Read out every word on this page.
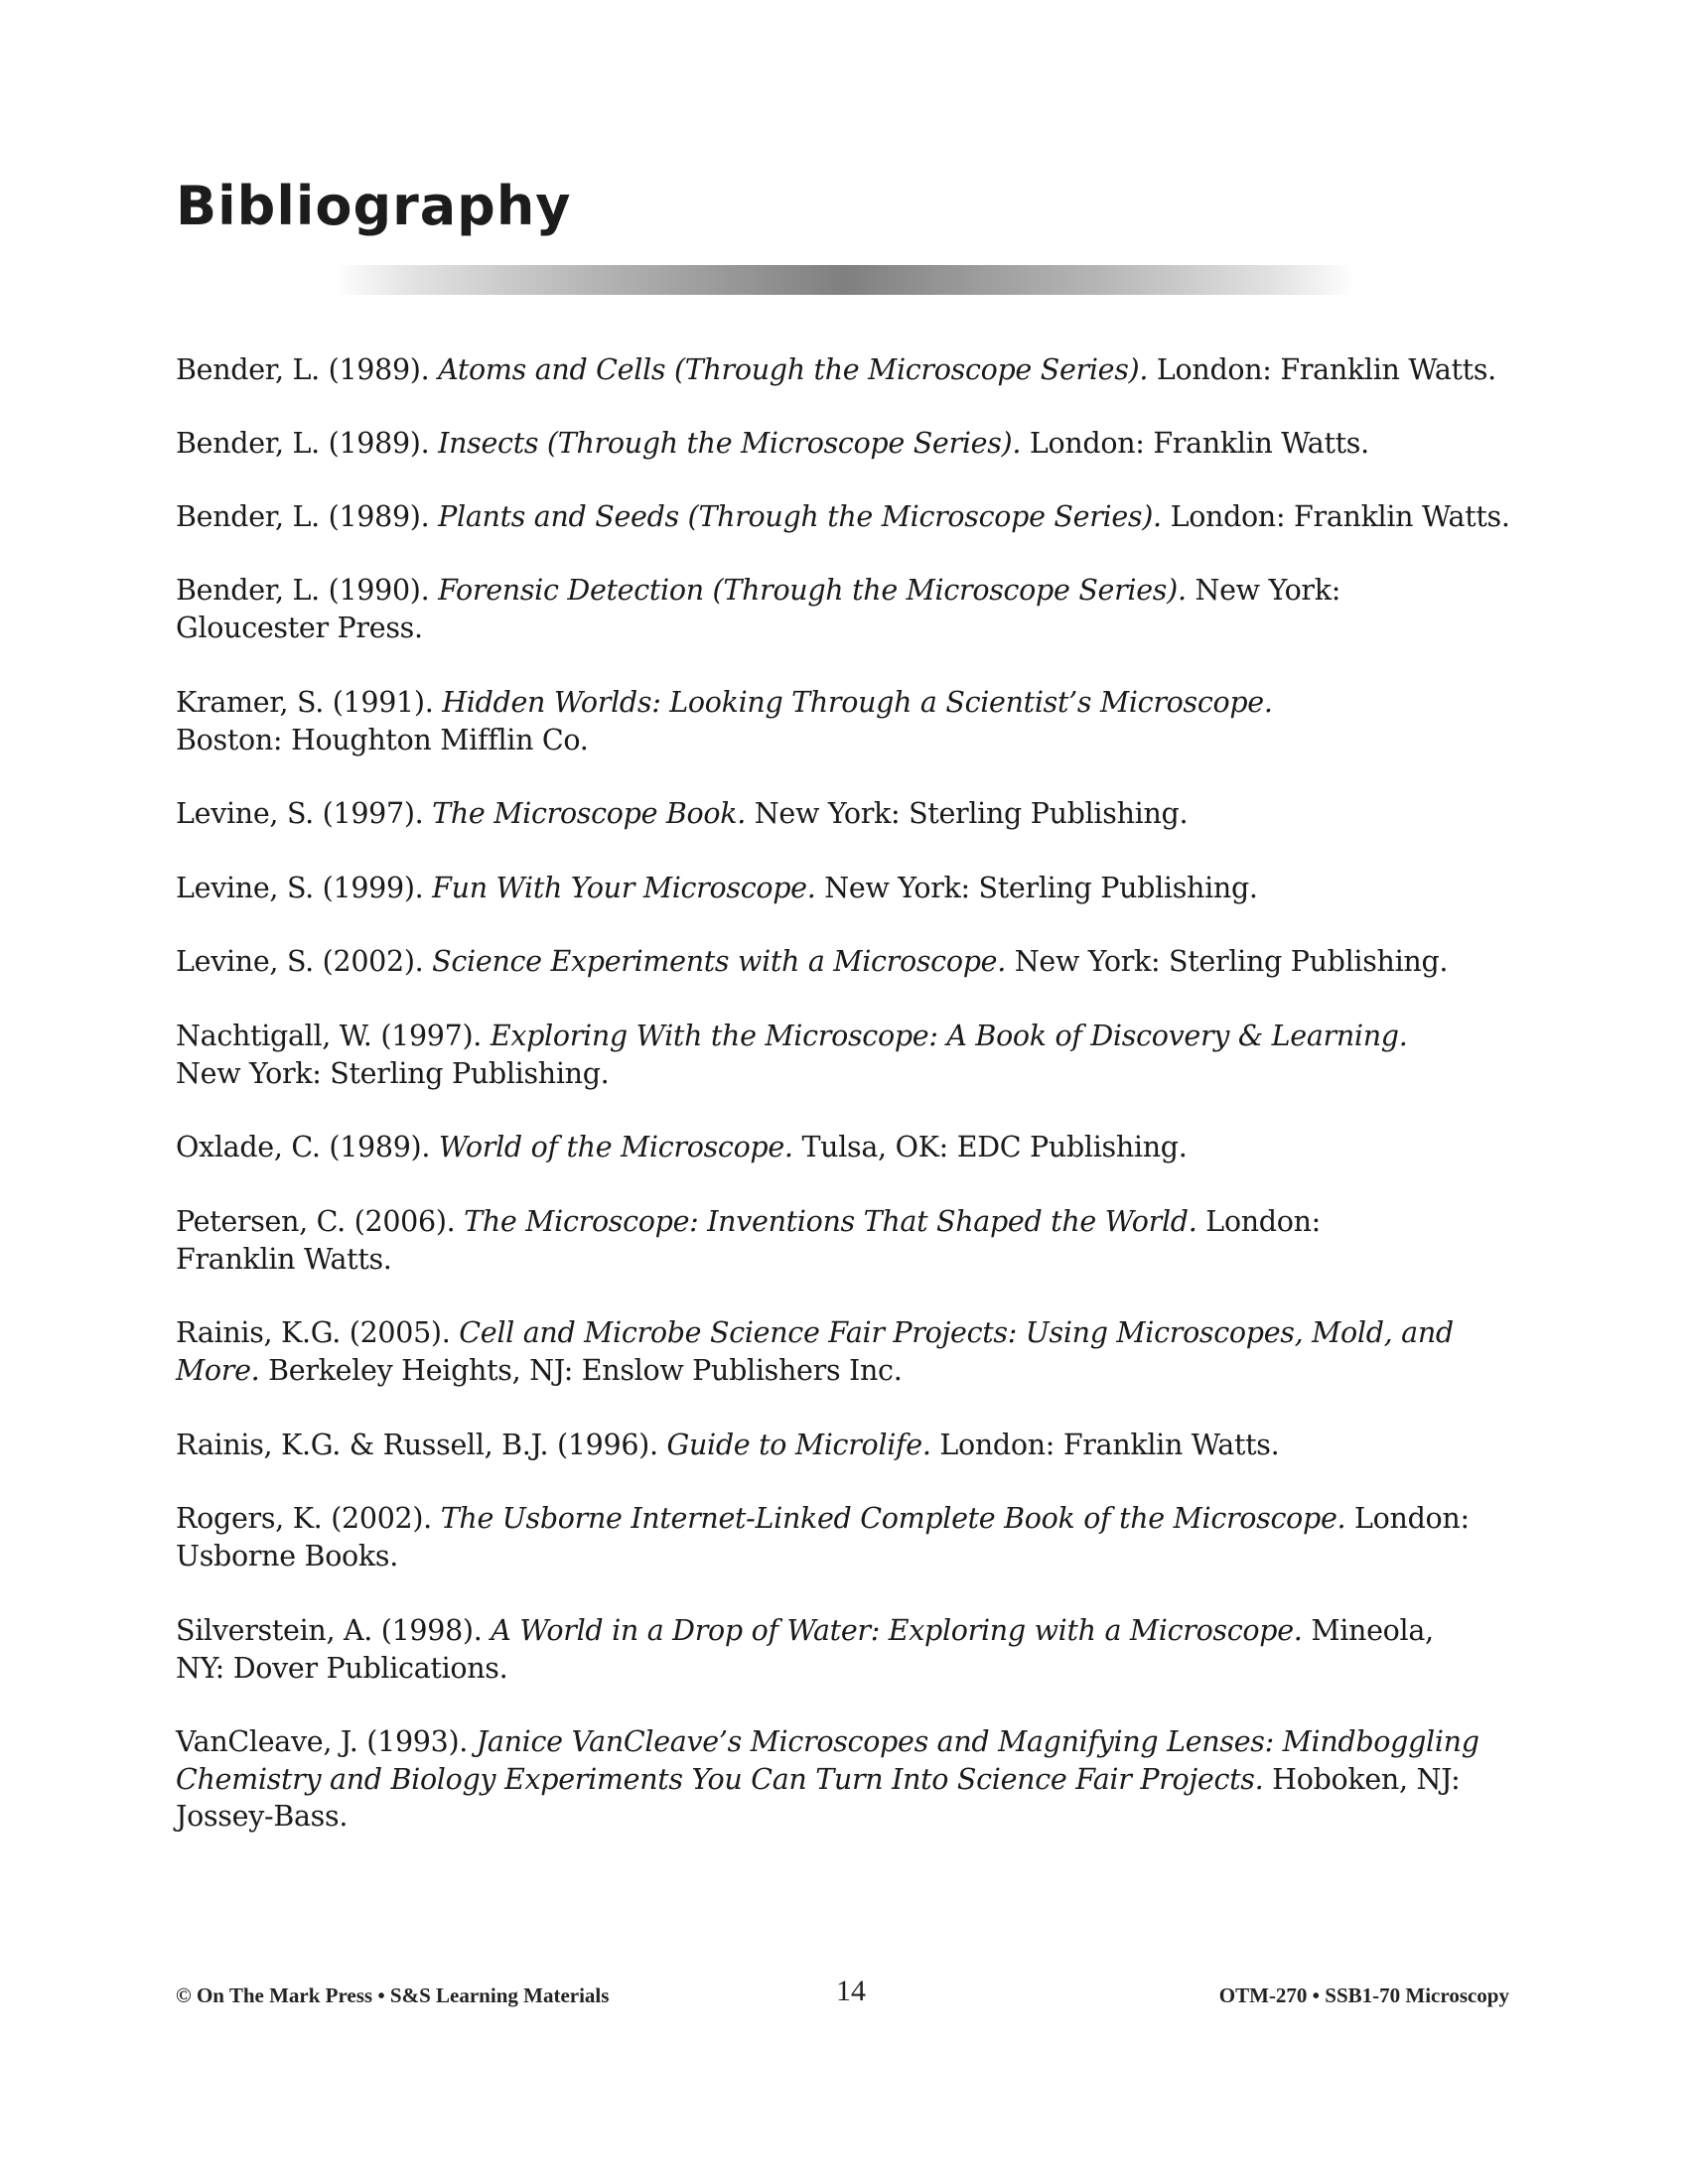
Bibliography
Bender, L. (1989). Atoms and Cells (Through the Microscope Series). London: Franklin Watts.
Bender, L. (1989). Insects (Through the Microscope Series). London: Franklin Watts.
Bender, L. (1989). Plants and Seeds (Through the Microscope Series). London: Franklin Watts.
Bender, L. (1990). Forensic Detection (Through the Microscope Series). New York: Gloucester Press.
Kramer, S. (1991). Hidden Worlds: Looking Through a Scientist’s Microscope. Boston: Houghton Mifflin Co.
Levine, S. (1997). The Microscope Book. New York: Sterling Publishing.
Levine, S. (1999). Fun With Your Microscope. New York: Sterling Publishing.
Levine, S. (2002). Science Experiments with a Microscope. New York: Sterling Publishing.
Nachtigall, W. (1997). Exploring With the Microscope: A Book of Discovery & Learning. New York: Sterling Publishing.
Oxlade, C. (1989). World of the Microscope. Tulsa, OK: EDC Publishing.
Petersen, C. (2006). The Microscope: Inventions That Shaped the World. London: Franklin Watts.
Rainis, K.G. (2005). Cell and Microbe Science Fair Projects: Using Microscopes, Mold, and More. Berkeley Heights, NJ: Enslow Publishers Inc.
Rainis, K.G. & Russell, B.J. (1996). Guide to Microlife. London: Franklin Watts.
Rogers, K. (2002). The Usborne Internet-Linked Complete Book of the Microscope. London: Usborne Books.
Silverstein, A. (1998). A World in a Drop of Water: Exploring with a Microscope. Mineola, NY: Dover Publications.
VanCleave, J. (1993). Janice VanCleave’s Microscopes and Magnifying Lenses: Mindboggling Chemistry and Biology Experiments You Can Turn Into Science Fair Projects. Hoboken, NJ: Jossey-Bass.
© On The Mark Press • S&S Learning Materials	14	OTM-270 • SSB1-70 Microscopy
